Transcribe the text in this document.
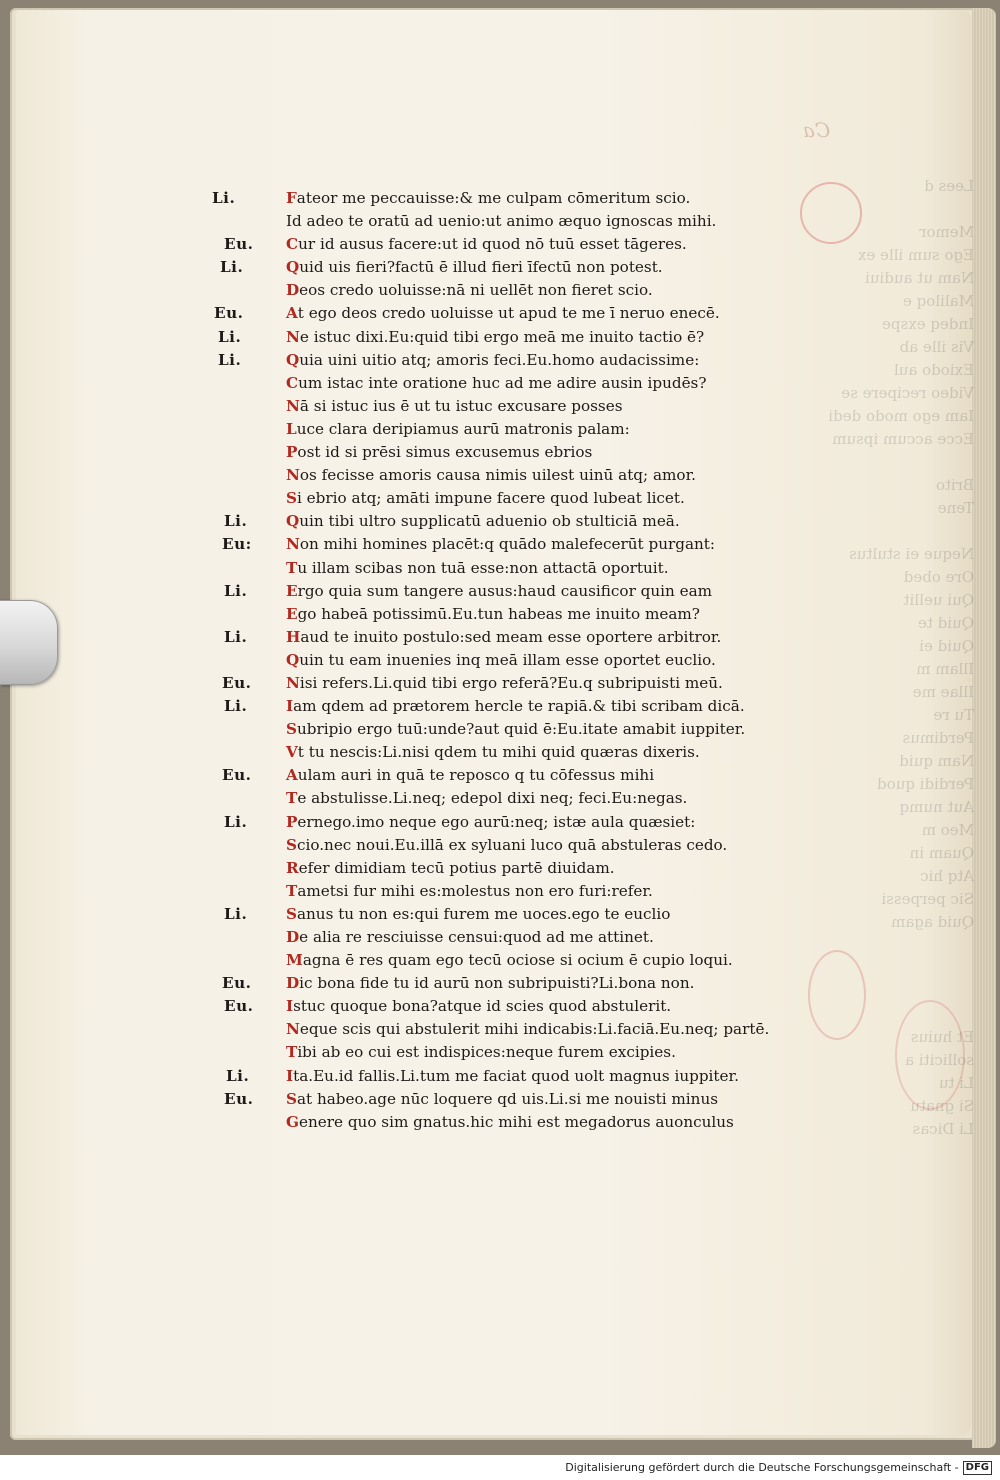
Ca
Lees d
Memor
Ego sum ille ex
Nam ut audiui
Maliloq e
Indeq exspe
Vis ille ab
Exiodo aul
Video recipere se
Iam ego modo dedi
Ecce accum ipsum
Brito
Tene
Neque ei stultus
Ore obed
Qui uellit
Quid te
Quid ei
Illam m
Illae me
Tu re
Perdimus
Nam quid
Perdidi quod
Aut numq
Meo m
Quam in
Atq hic
Sic perpessi
Quid agam
Et huius
solliciti a
Li tu
Si gnatu
Li Dicas
Li.	Fateor me peccauisse:& me culpam cōmeritum scio.
Id adeo te oratū ad uenio:ut animo æquo ignoscas mihi.
Eu.	Cur id ausus facere:ut id quod nō tuū esset tāgeres.
Li.	Quid uis fieri?factū ē illud fieri īfectū non potest.
Deos credo uoluisse:nā ni uellēt non fieret scio.
Eu.	At ego deos credo uoluisse ut apud te me ī neruo enecē.
Li.	Ne istuc dixi.Eu:quid tibi ergo meā me inuito tactio ē?
Li.	Quia uini uitio atq; amoris feci.Eu.homo audacissime:
Cum istac inte oratione huc ad me adire ausin ipudēs?
Nā si istuc ius ē ut tu istuc excusare posses
Luce clara deripiamus aurū matronis palam:
Post id si prēsi simus excusemus ebrios
Nos fecisse amoris causa nimis uilest uinū atq; amor.
Si ebrio atq; amāti impune facere quod lubeat licet.
Li.	Quin tibi ultro supplicatū aduenio ob stulticiā meā.
Eu:	Non mihi homines placēt:q quādo malefecerūt purgant:
Tu illam scibas non tuā esse:non attactā oportuit.
Li.	Ergo quia sum tangere ausus:haud causificor quin eam
Ego habeā potissimū.Eu.tun habeas me inuito meam?
Li.	Haud te inuito postulo:sed meam esse oportere arbitror.
Quin tu eam inuenies inq meā illam esse oportet euclio.
Eu.	Nisi refers.Li.quid tibi ergo referā?Eu.q subripuisti meū.
Li.	Iam qdem ad prætorem hercle te rapiā.& tibi scribam dicā.
Subripio ergo tuū:unde?aut quid ē:Eu.itate amabit iuppiter.
Vt tu nescis:Li.nisi qdem tu mihi quid quæras dixeris.
Eu.	Aulam auri in quā te reposco q tu cōfessus mihi
Te abstulisse.Li.neq; edepol dixi neq; feci.Eu:negas.
Li.	Pernego.imo neque ego aurū:neq; istæ aula quæsiet:
Scio.nec noui.Eu.illā ex syluani luco quā abstuleras cedo.
Refer dimidiam tecū potius partē diuidam.
Tametsi fur mihi es:molestus non ero furi:refer.
Li.	Sanus tu non es:qui furem me uoces.ego te euclio
De alia re resciuisse censui:quod ad me attinet.
Magna ē res quam ego tecū ociose si ocium ē cupio loqui.
Eu.	Dic bona fide tu id aurū non subripuisti?Li.bona non.
Eu.	Istuc quoque bona?atque id scies quod abstulerit.
Neque scis qui abstulerit mihi indicabis:Li.faciā.Eu.neq; partē.
Tibi ab eo cui est indispices:neque furem excipies.
Li.	Ita.Eu.id fallis.Li.tum me faciat quod uolt magnus iuppiter.
Eu.	Sat habeo.age nūc loquere qd uis.Li.si me nouisti minus
Genere quo sim gnatus.hic mihi est megadorus auonculus
Digitalisierung gefördert durch die Deutsche Forschungsgemeinschaft - DFG
